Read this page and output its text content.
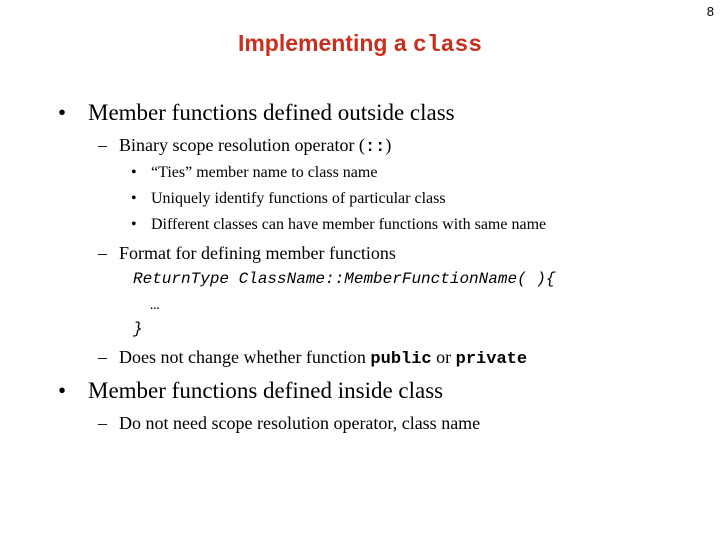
8
Implementing a class
• Member functions defined outside class
– Binary scope resolution operator (::)
• “Ties” member name to class name
• Uniquely identify functions of particular class
• Different classes can have member functions with same name
– Format for defining member functions
ReturnType ClassName::MemberFunctionName( ){
…
}
– Does not change whether function public or private
• Member functions defined inside class
– Do not need scope resolution operator, class name
